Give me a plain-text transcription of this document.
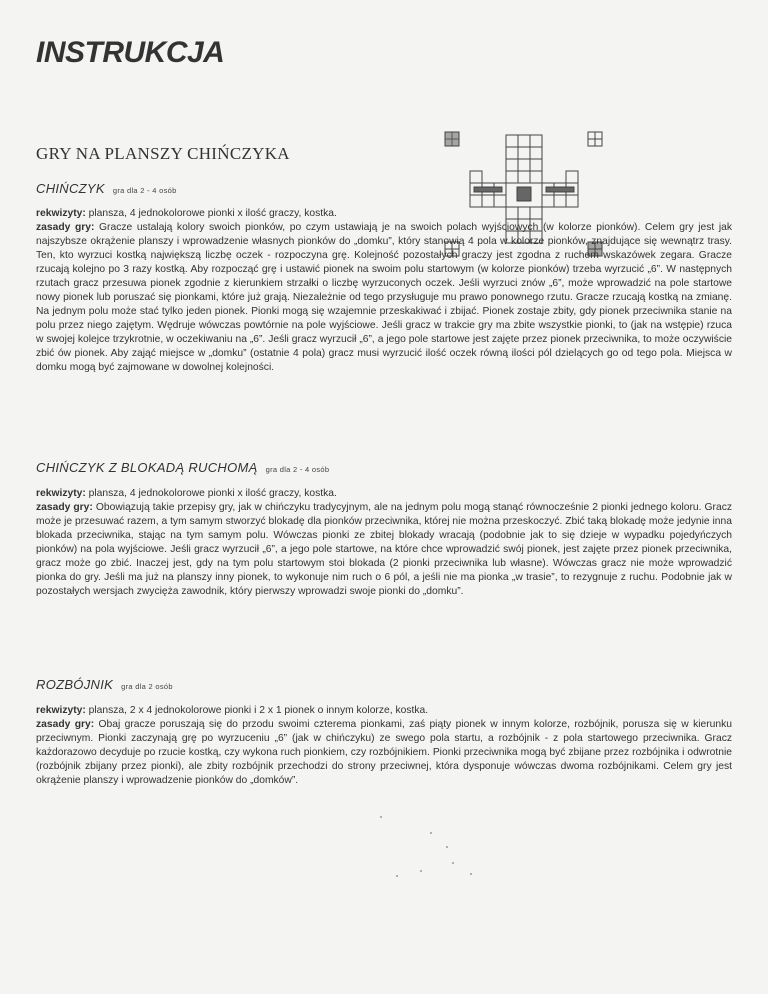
INSTRUKCJA
GRY NA PLANSZY CHIŃCZYKA
CHIŃCZYK gra dla 2 - 4 osób
rekwizyty: plansza, 4 jednokolorowe pionki x ilość graczy, kostka.
zasady gry: Gracze ustalają kolory swoich pionków, po czym ustawiają je na swoich polach wyjściowych (w kolorze pionków). Celem gry jest jak najszybsze okrążenie planszy i wprowadzenie własnych pionków do „domku”, który stanowią 4 pola w kolorze pionków, znajdujące się wewnątrz trasy. Ten, kto wyrzuci kostką największą liczbę oczek - rozpoczyna grę. Kolejność pozostałych graczy jest zgodna z ruchem wskazówek zegara. Gracze rzucają kolejno po 3 razy kostką. Aby rozpocząć grę i ustawić pionek na swoim polu startowym (w kolorze pionków) trzeba wyrzucić „6”. W następnych rzutach gracz przesuwa pionek zgodnie z kierunkiem strzałki o liczbę wyrzuconych oczek. Jeśli wyrzuci znów „6”, może wprowadzić na pole startowe nowy pionek lub poruszać się pionkami, które już grają. Niezależnie od tego przysługuje mu prawo ponownego rzutu. Gracze rzucają kostką na zmianę. Na jednym polu może stać tylko jeden pionek. Pionki mogą się wzajemnie przeskakiwać i zbijać. Pionek zostaje zbity, gdy pionek przeciwnika stanie na polu przez niego zajętym. Wędruje wówczas powtórnie na pole wyjściowe. Jeśli gracz w trakcie gry ma zbite wszystkie pionki, to (jak na wstępie) rzuca w swojej kolejce trzykrotnie, w oczekiwaniu na „6”. Jeśli gracz wyrzucił „6”, a jego pole startowe jest zajęte przez pionek przeciwnika, to może oczywiście zbić ów pionek. Aby zająć miejsce w „domku” (ostatnie 4 pola) gracz musi wyrzucić ilość oczek równą ilości pól dzielących go od tego pola. Miejsca w domku mogą być zajmowane w dowolnej kolejności.
CHIŃCZYK Z BLOKADĄ RUCHOMĄ gra dla 2 - 4 osób
rekwizyty: plansza, 4 jednokolorowe pionki x ilość graczy, kostka.
zasady gry: Obowiązują takie przepisy gry, jak w chińczyku tradycyjnym, ale na jednym polu mogą stanąć równocześnie 2 pionki jednego koloru. Gracz może je przesuwać razem, a tym samym stworzyć blokadę dla pionków przeciwnika, której nie można przeskoczyć. Zbić taką blokadę może jedynie inna blokada przeciwnika, stając na tym samym polu. Wówczas pionki ze zbitej blokady wracają (podobnie jak to się dzieje w wypadku pojedyńczych pionków) na pola wyjściowe. Jeśli gracz wyrzucił „6”, a jego pole startowe, na które chce wprowadzić swój pionek, jest zajęte przez pionek przeciwnika, gracz może go zbić. Inaczej jest, gdy na tym polu startowym stoi blokada (2 pionki przeciwnika lub własne). Wówczas gracz nie może wprowadzić pionka do gry. Jeśli ma już na planszy inny pionek, to wykonuje nim ruch o 6 pól, a jeśli nie ma pionka „w trasie”, to rezygnuje z ruchu. Podobnie jak w pozostałych wersjach zwycięża zawodnik, który pierwszy wprowadzi swoje pionki do „domku”.
ROZBÓJNIK gra dla 2 osób
rekwizyty: plansza, 2 x 4 jednokolorowe pionki i 2 x 1 pionek o innym kolorze, kostka.
zasady gry: Obaj gracze poruszają się do przodu swoimi czterema pionkami, zaś piąty pionek w innym kolorze, rozbójnik, porusza się w kierunku przeciwnym. Pionki zaczynają grę po wyrzuceniu „6” (jak w chińczyku) ze swego pola startu, a rozbójnik - z pola startowego przeciwnika. Gracz każdorazowo decyduje po rzucie kostką, czy wykona ruch pionkiem, czy rozbójnikiem. Pionki przeciwnika mogą być zbijane przez rozbójnika i odwrotnie (rozbójnik zbijany przez pionki), ale zbity rozbójnik przechodzi do strony przeciwnej, która dysponuje wówczas dwoma rozbójnikami. Celem gry jest okrążenie planszy i wprowadzenie pionków do „domków”.
